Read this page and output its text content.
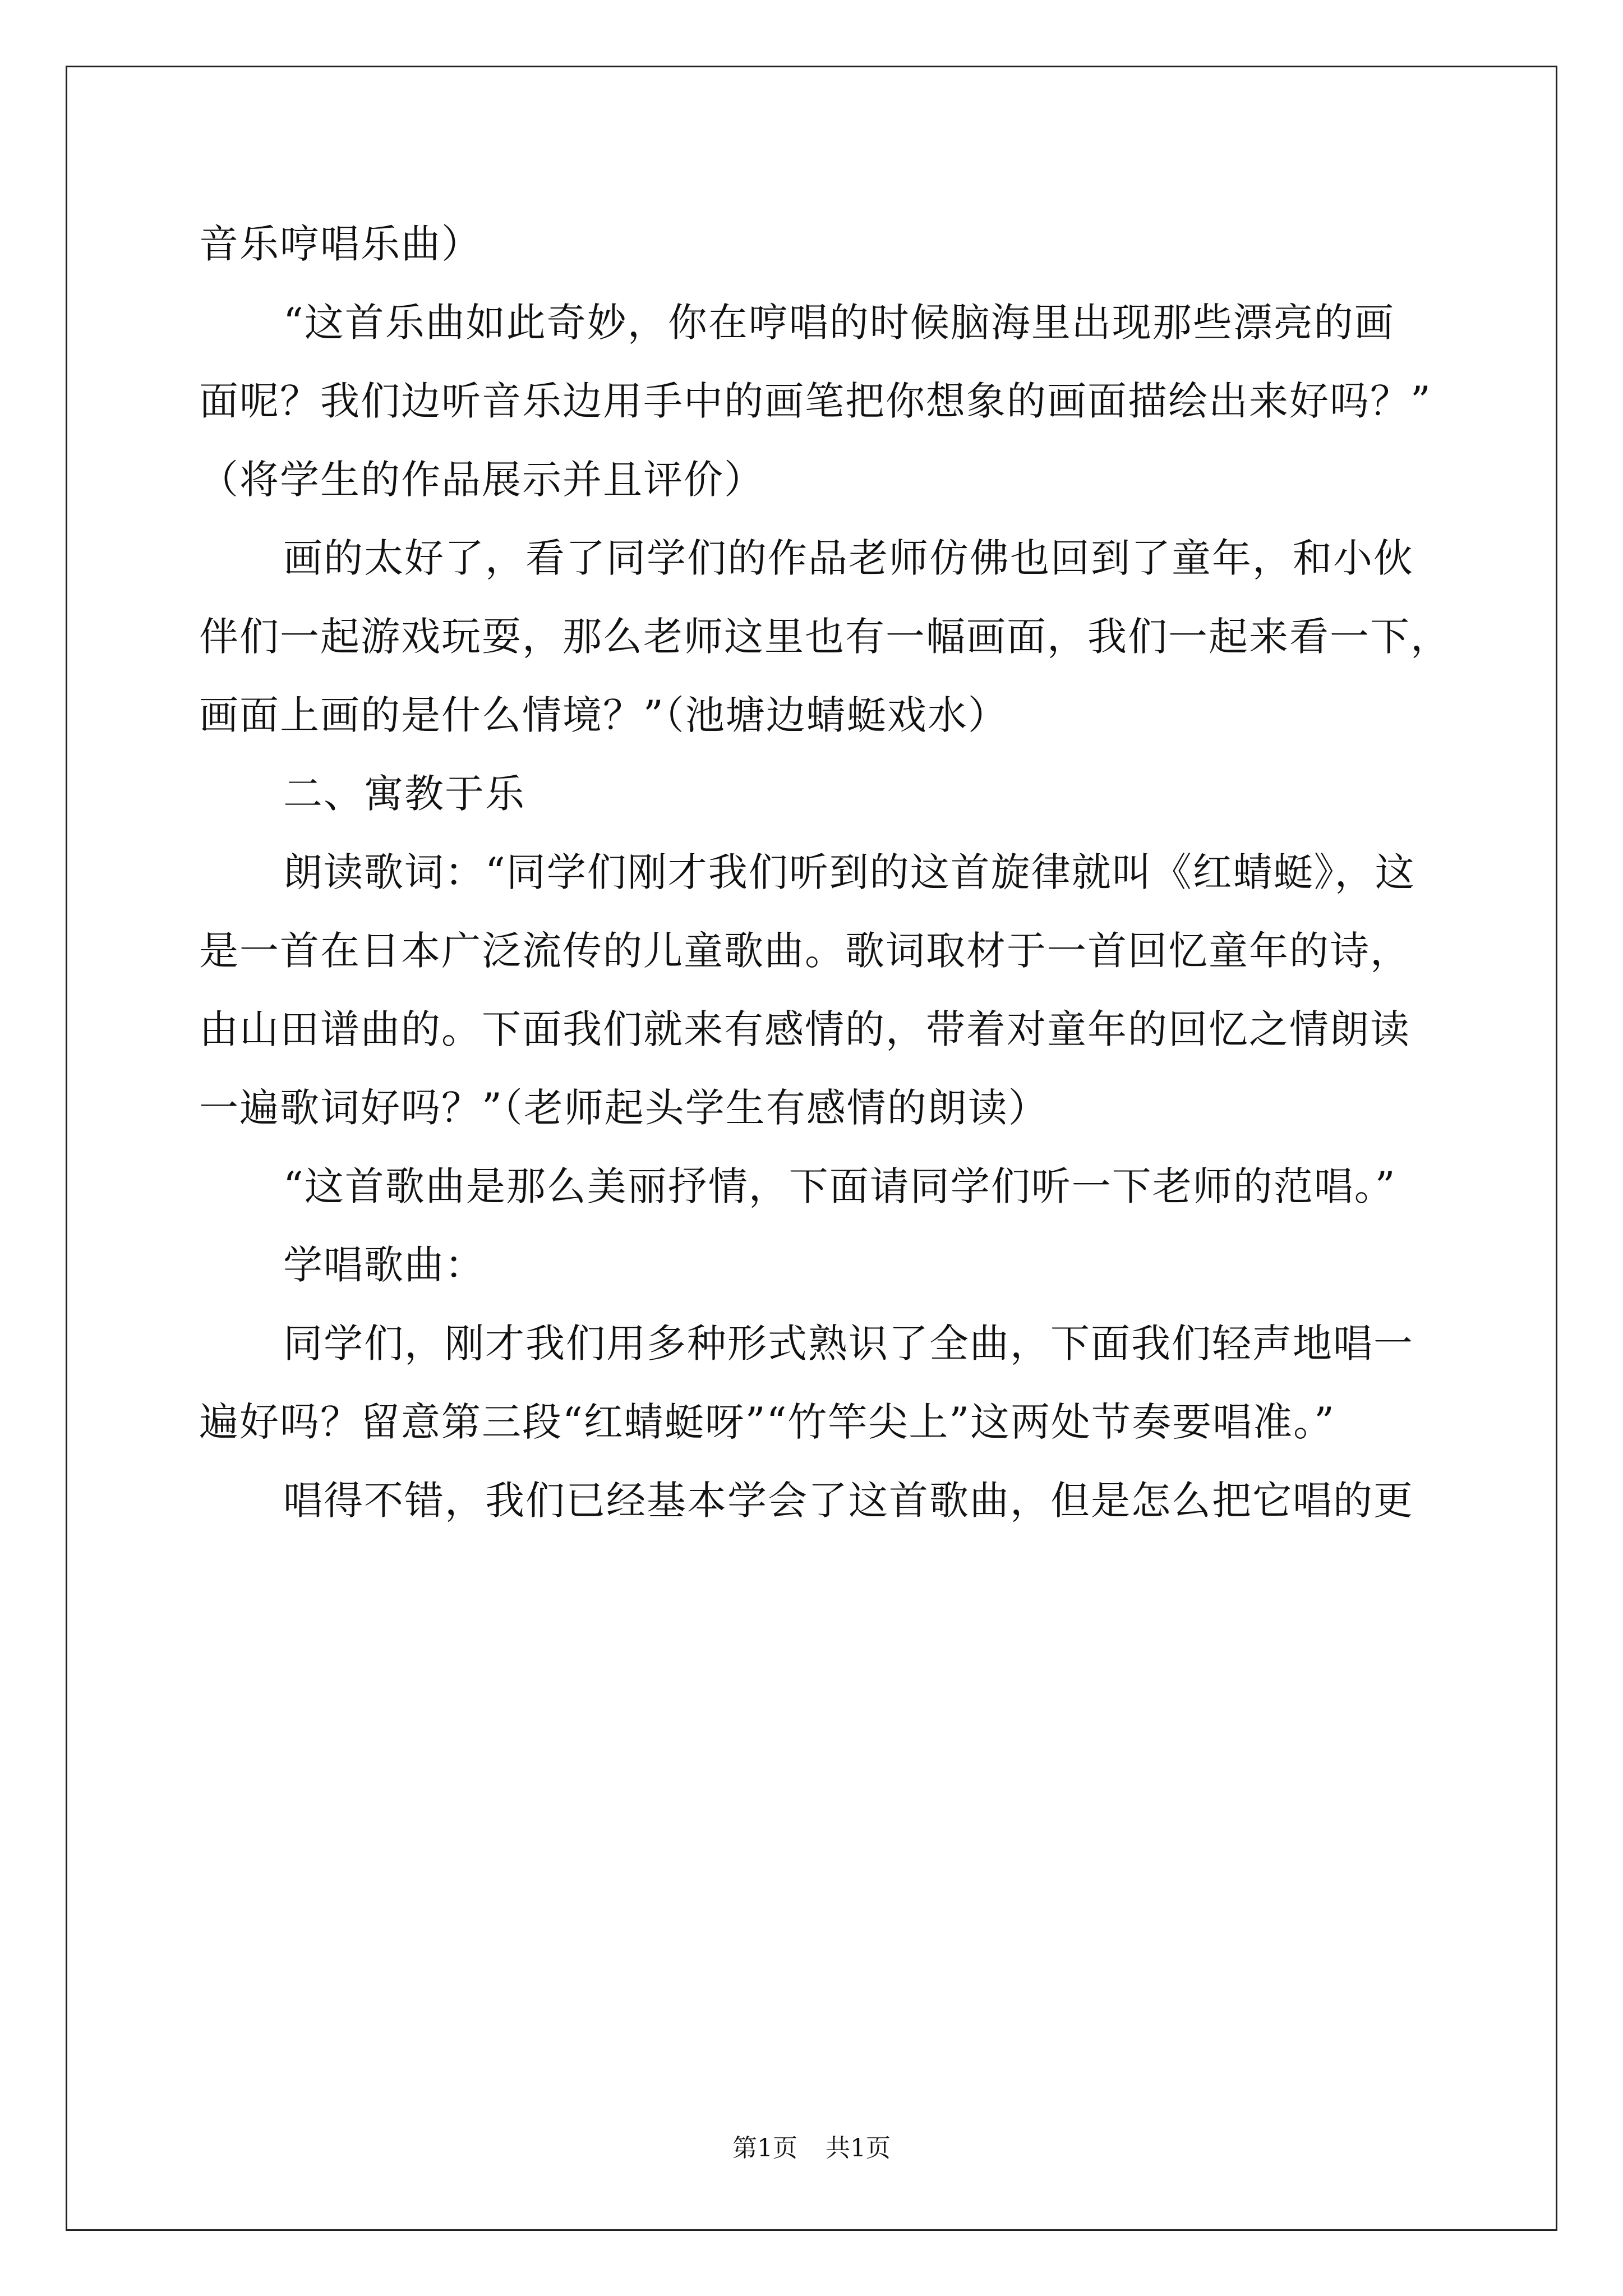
音乐哼唱乐曲）
“这首乐曲如此奇妙，你在哼唱的时候脑海里出现那些漂亮的画
面呢？我们边听音乐边用手中的画笔把你想象的画面描绘出来好吗？”
（将学生的作品展示并且评价）
画的太好了，看了同学们的作品老师仿佛也回到了童年，和小伙
伴们一起游戏玩耍，那么老师这里也有一幅画面，我们一起来看一下，
画面上画的是什么情境？”（池塘边蜻蜓戏水）
二、寓教于乐
朗读歌词：“同学们刚才我们听到的这首旋律就叫《红蜻蜓》，这
是一首在日本广泛流传的儿童歌曲。歌词取材于一首回忆童年的诗，
由山田谱曲的。下面我们就来有感情的，带着对童年的回忆之情朗读
一遍歌词好吗？”（老师起头学生有感情的朗读）
“这首歌曲是那么美丽抒情，下面请同学们听一下老师的范唱。”
学唱歌曲：
同学们，刚才我们用多种形式熟识了全曲，下面我们轻声地唱一
遍好吗？留意第三段“红蜻蜓呀”“竹竿尖上”这两处节奏要唱准。”
唱得不错，我们已经基本学会了这首歌曲，但是怎么把它唱的更
第1页 共1页
